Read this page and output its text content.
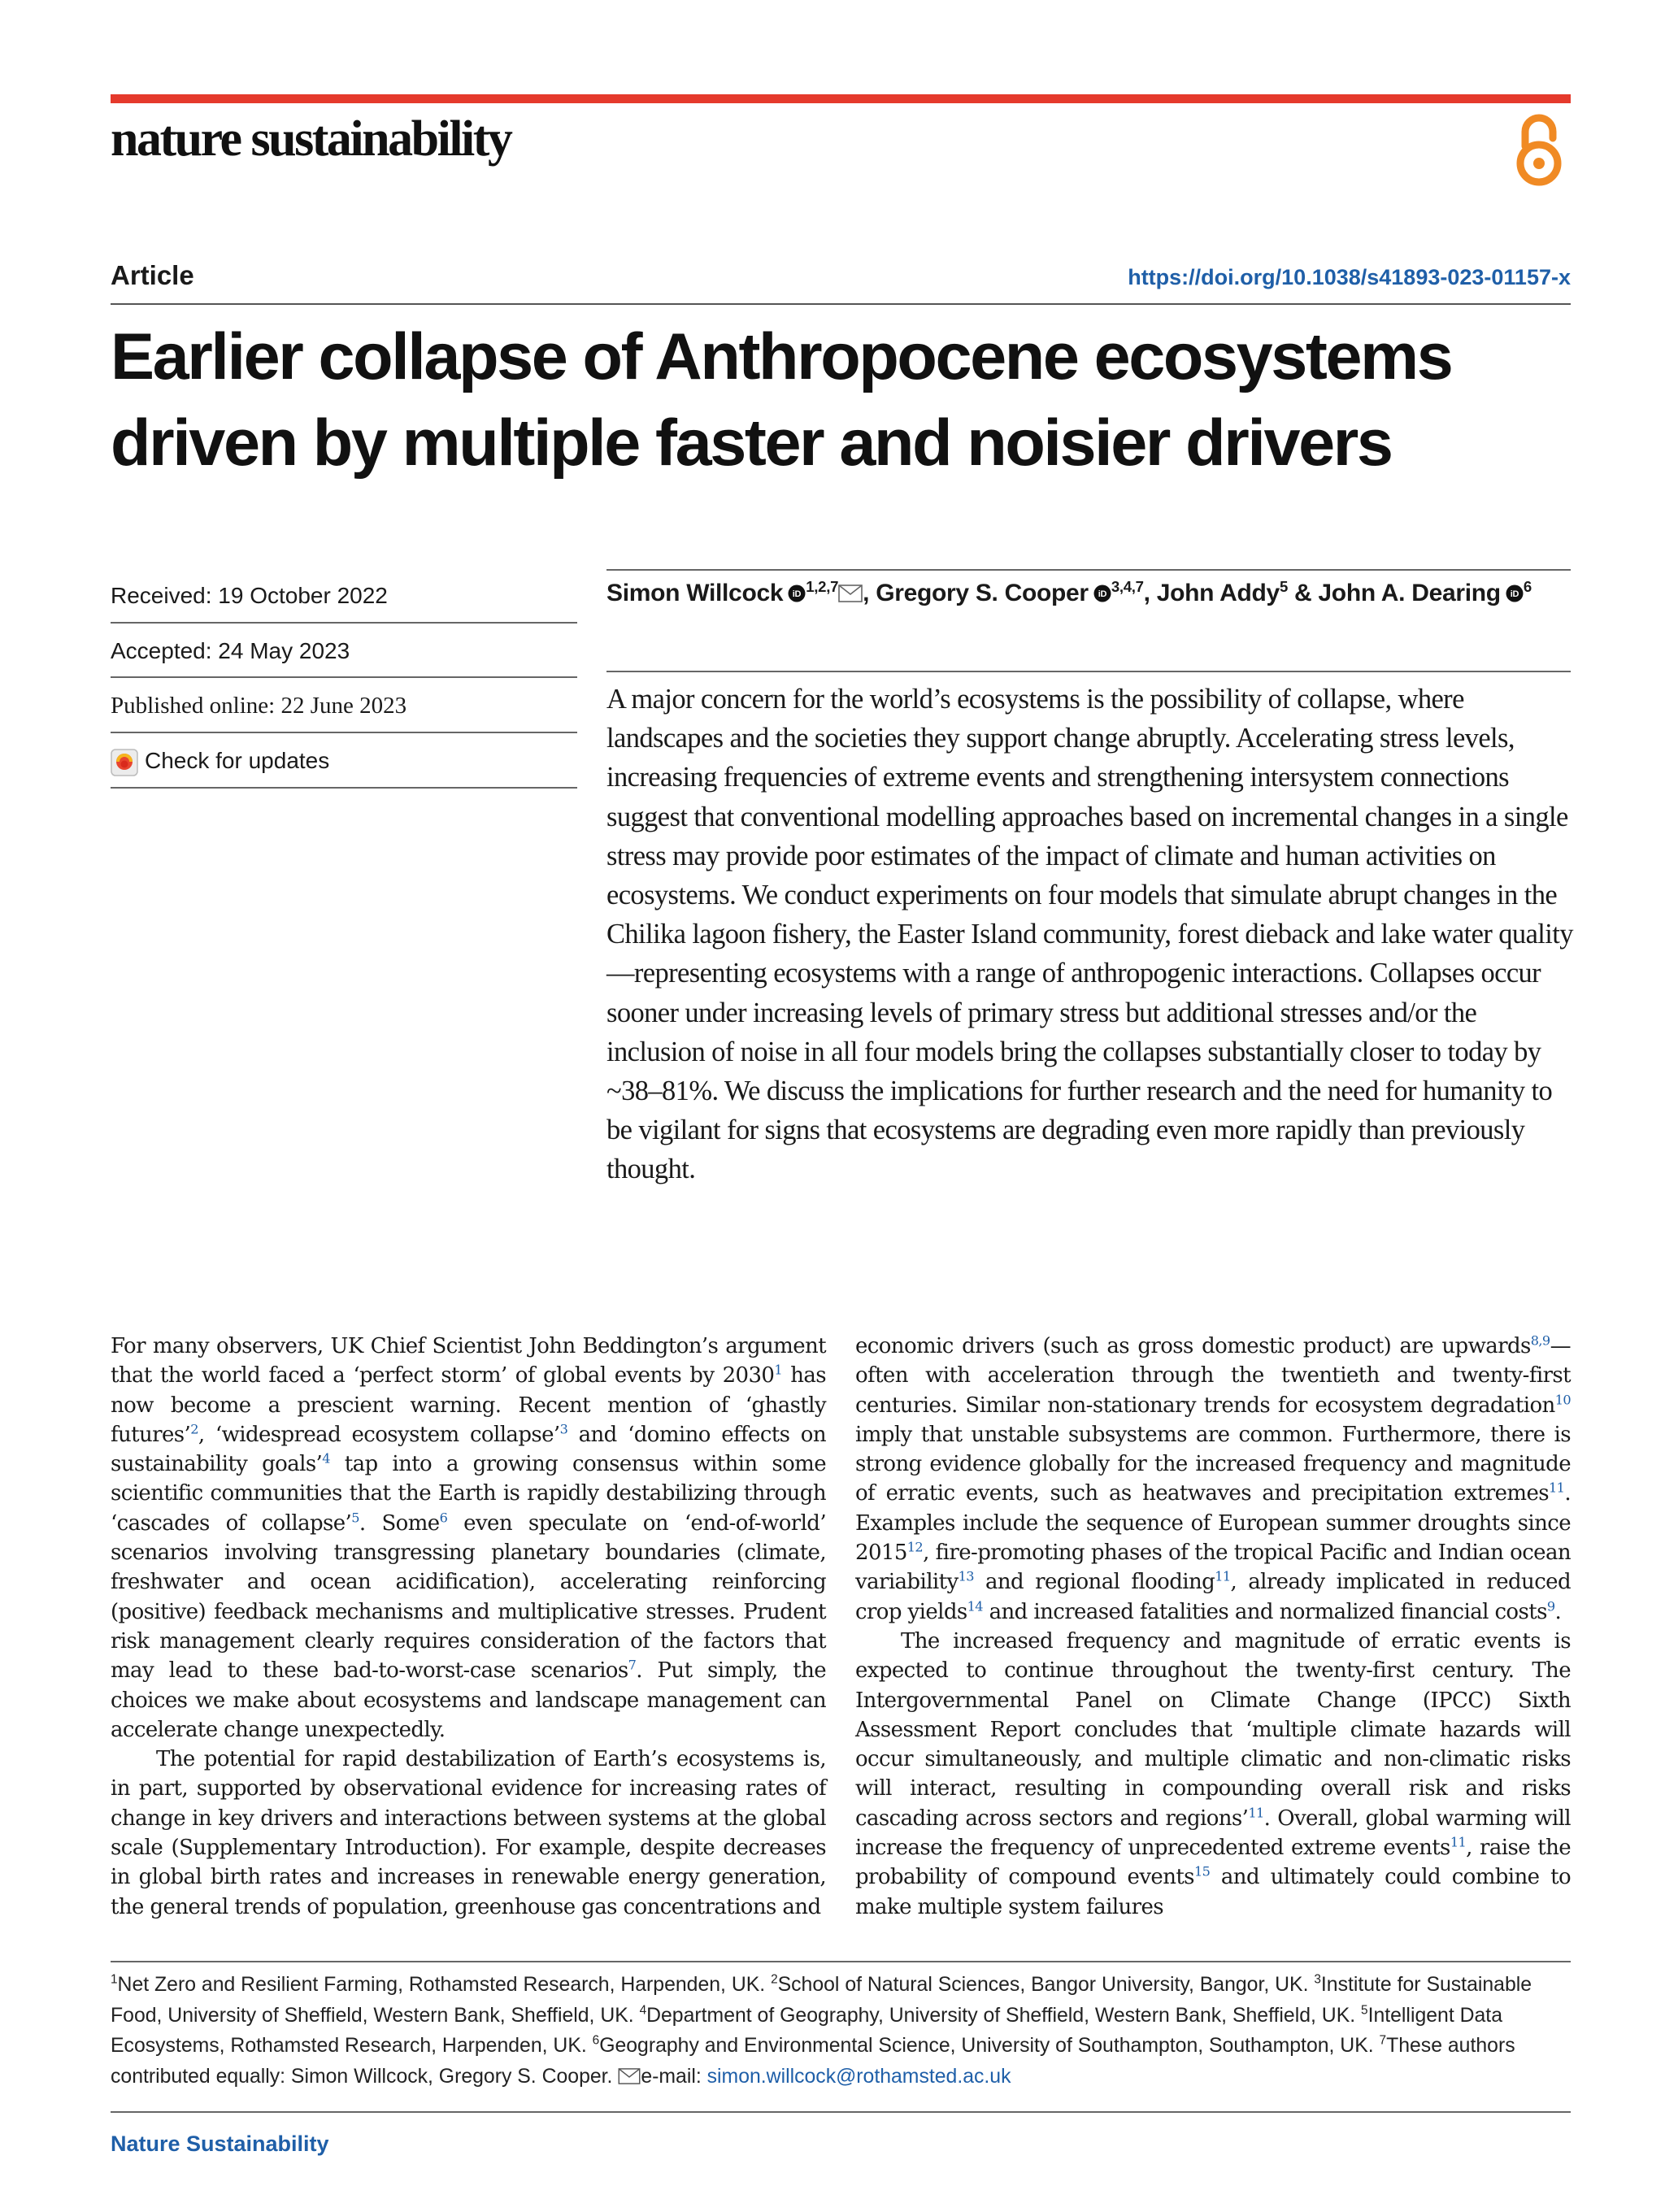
nature sustainability
Article	https://doi.org/10.1038/s41893-023-01157-x
Earlier collapse of Anthropocene ecosystems driven by multiple faster and noisier drivers
Received: 19 October 2022
Accepted: 24 May 2023
Published online: 22 June 2023
Check for updates
Simon Willcock iD $^{1,2,7}$ , Gregory S. Cooper iD $^{3,4,7}$, John Addy$^5$ & John A. Dearing iD $^6$
A major concern for the world’s ecosystems is the possibility of collapse, where landscapes and the societies they support change abruptly. Accelerating stress levels, increasing frequencies of extreme events and strengthening intersystem connections suggest that conventional modelling approaches based on incremental changes in a single stress may provide poor estimates of the impact of climate and human activities on ecosystems. We conduct experiments on four models that simulate abrupt changes in the Chilika lagoon fishery, the Easter Island community, forest dieback and lake water quality—representing ecosystems with a range of anthropogenic interactions. Collapses occur sooner under increasing levels of primary stress but additional stresses and/or the inclusion of noise in all four models bring the collapses substantially closer to today by ~38–81%. We discuss the implications for further research and the need for humanity to be vigilant for signs that ecosystems are degrading even more rapidly than previously thought.

For many observers, UK Chief Scientist John Beddington’s argument that the world faced a ‘perfect storm’ of global events by 2030$^1$ has now become a prescient warning. Recent mention of ‘ghastly futures’$^2$, ‘widespread ecosystem collapse’$^3$ and ‘domino effects on sustainability goals’$^4$ tap into a growing consensus within some scientific communities that the Earth is rapidly destabilizing through ‘cascades of collapse’$^5$. Some$^6$ even speculate on ‘end-of-world’ scenarios involving transgressing planetary boundaries (climate, freshwater and ocean acidification), accelerating reinforcing (positive) feedback mechanisms and multiplicative stresses. Prudent risk management clearly requires consideration of the factors that may lead to these bad-to-worst-case scenarios$^7$. Put simply, the choices we make about ecosystems and landscape management can accelerate change unexpectedly.

The potential for rapid destabilization of Earth’s ecosystems is, in part, supported by observational evidence for increasing rates of change in key drivers and interactions between systems at the global scale (Supplementary Introduction). For example, despite decreases in global birth rates and increases in renewable energy generation, the general trends of population, greenhouse gas concentrations and

economic drivers (such as gross domestic product) are upwards$^{8,9}$—often with acceleration through the twentieth and twenty-first centuries. Similar non-stationary trends for ecosystem degradation$^{10}$ imply that unstable subsystems are common. Furthermore, there is strong evidence globally for the increased frequency and magnitude of erratic events, such as heatwaves and precipitation extremes$^{11}$. Examples include the sequence of European summer droughts since 2015$^{12}$, fire-promoting phases of the tropical Pacific and Indian ocean variability$^{13}$ and regional flooding$^{11}$, already implicated in reduced crop yields$^{14}$ and increased fatalities and normalized financial costs$^9$.

The increased frequency and magnitude of erratic events is expected to continue throughout the twenty-first century. The Intergovernmental Panel on Climate Change (IPCC) Sixth Assessment Report concludes that ‘multiple climate hazards will occur simultaneously, and multiple climatic and non-climatic risks will interact, resulting in compounding overall risk and risks cascading across sectors and regions’$^{11}$. Overall, global warming will increase the frequency of unprecedented extreme events$^{11}$, raise the probability of compound events$^{15}$ and ultimately could combine to make multiple system failures

$^1$Net Zero and Resilient Farming, Rothamsted Research, Harpenden, UK. $^2$School of Natural Sciences, Bangor University, Bangor, UK. $^3$Institute for Sustainable Food, University of Sheffield, Western Bank, Sheffield, UK. $^4$Department of Geography, University of Sheffield, Western Bank, Sheffield, UK. $^5$Intelligent Data Ecosystems, Rothamsted Research, Harpenden, UK. $^6$Geography and Environmental Science, University of Southampton, Southampton, UK. $^7$These authors contributed equally: Simon Willcock, Gregory S. Cooper. e-mail: simon.willcock@rothamsted.ac.uk
Nature Sustainability
